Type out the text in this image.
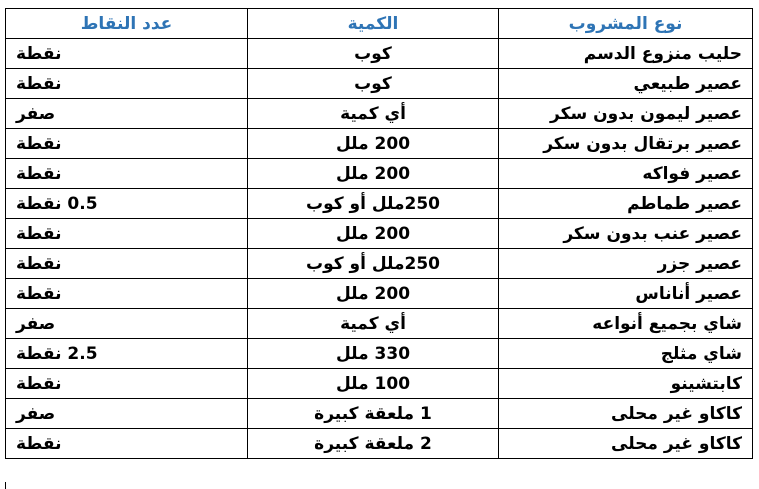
نوع المشروب	الكمية	عدد النقاط
حليب منزوع الدسم	كوب	نقطة
عصير طبيعي	كوب	نقطة
عصير ليمون بدون سكر	أي كمية	صفر
عصير برتقال بدون سكر	200 ملل	نقطة
عصير فواكه	200 ملل	نقطة
عصير طماطم	250ملل أو كوب	0.5 نقطة
عصير عنب بدون سكر	200 ملل	نقطة
عصير جزر	250ملل أو كوب	نقطة
عصير أناناس	200 ملل	نقطة
شاي بجميع أنواعه	أي كمية	صفر
شاي مثلج	330 ملل	2.5 نقطة
كابتشينو	100 ملل	نقطة
كاكاو غير محلى	1 ملعقة كبيرة	صفر
كاكاو غير محلى	2 ملعقة كبيرة	نقطة
